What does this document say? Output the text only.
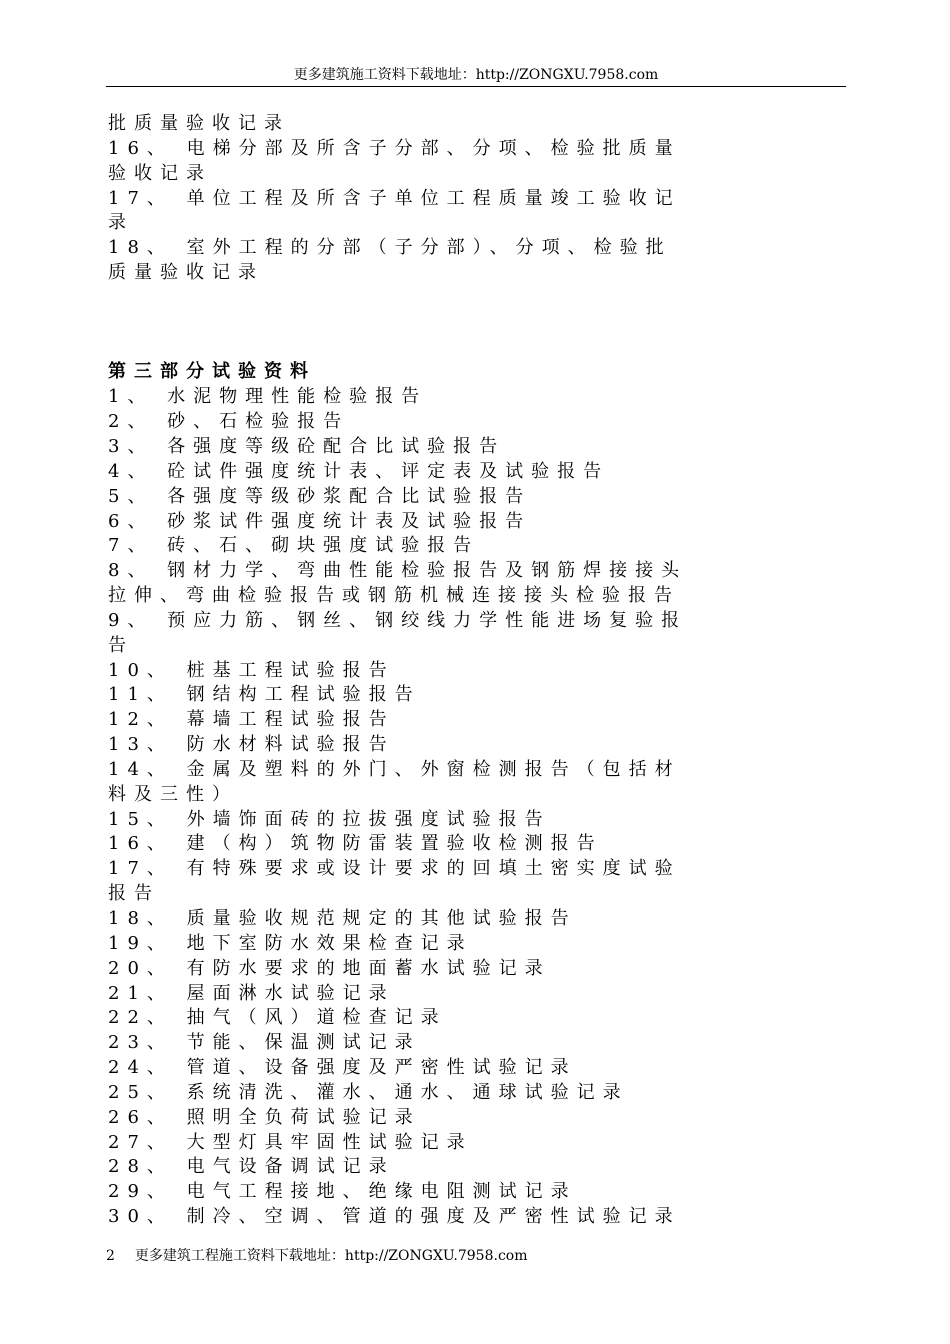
更多建筑施工资料下载地址：http://ZONGXU.7958.com
批质量验收记录
16、 电梯分部及所含子分部、分项、检验批质量
验收记录
17、 单位工程及所含子单位工程质量竣工验收记
录
18、 室外工程的分部（子分部）、分项、检验批
质量验收记录
第三部分试验资料
1、 水泥物理性能检验报告
2、 砂、石检验报告
3、 各强度等级砼配合比试验报告
4、 砼试件强度统计表、评定表及试验报告
5、 各强度等级砂浆配合比试验报告
6、 砂浆试件强度统计表及试验报告
7、 砖、石、砌块强度试验报告
8、 钢材力学、弯曲性能检验报告及钢筋焊接接头
拉伸、弯曲检验报告或钢筋机械连接接头检验报告
9、 预应力筋、钢丝、钢绞线力学性能进场复验报
告
10、 桩基工程试验报告
11、 钢结构工程试验报告
12、 幕墙工程试验报告
13、 防水材料试验报告
14、 金属及塑料的外门、外窗检测报告（包括材
料及三性）
15、 外墙饰面砖的拉拔强度试验报告
16、 建（构）筑物防雷装置验收检测报告
17、 有特殊要求或设计要求的回填土密实度试验
报告
18、 质量验收规范规定的其他试验报告
19、 地下室防水效果检查记录
20、 有防水要求的地面蓄水试验记录
21、 屋面淋水试验记录
22、 抽气（风）道检查记录
23、 节能、保温测试记录
24、 管道、设备强度及严密性试验记录
25、 系统清洗、灌水、通水、通球试验记录
26、 照明全负荷试验记录
27、 大型灯具牢固性试验记录
28、 电气设备调试记录
29、 电气工程接地、绝缘电阻测试记录
30、 制冷、空调、管道的强度及严密性试验记录
2 更多建筑工程施工资料下载地址：http://ZONGXU.7958.com
